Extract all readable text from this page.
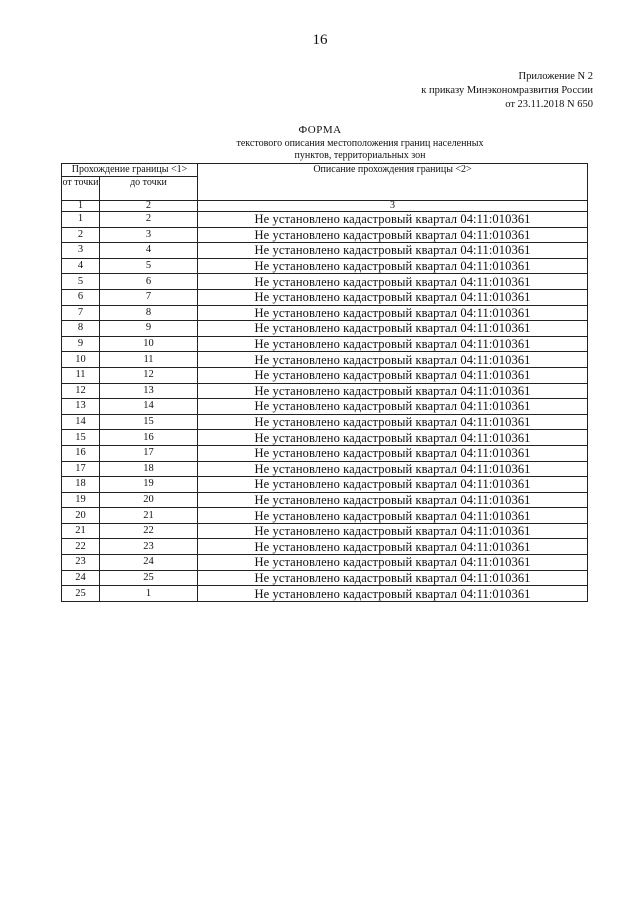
16
Приложение N 2
к приказу Минэкономразвития России
от 23.11.2018 N 650
ФОРМА
текстового описания местоположения границ населенных
пунктов, территориальных зон
Прохождение границы <1>		Описание прохождения границы <2>
от точки	до точки	
1	2	3
1	2	Не установлено кадастровый квартал 04:11:010361
2	3	Не установлено кадастровый квартал 04:11:010361
3	4	Не установлено кадастровый квартал 04:11:010361
4	5	Не установлено кадастровый квартал 04:11:010361
5	6	Не установлено кадастровый квартал 04:11:010361
6	7	Не установлено кадастровый квартал 04:11:010361
7	8	Не установлено кадастровый квартал 04:11:010361
8	9	Не установлено кадастровый квартал 04:11:010361
9	10	Не установлено кадастровый квартал 04:11:010361
10	11	Не установлено кадастровый квартал 04:11:010361
11	12	Не установлено кадастровый квартал 04:11:010361
12	13	Не установлено кадастровый квартал 04:11:010361
13	14	Не установлено кадастровый квартал 04:11:010361
14	15	Не установлено кадастровый квартал 04:11:010361
15	16	Не установлено кадастровый квартал 04:11:010361
16	17	Не установлено кадастровый квартал 04:11:010361
17	18	Не установлено кадастровый квартал 04:11:010361
18	19	Не установлено кадастровый квартал 04:11:010361
19	20	Не установлено кадастровый квартал 04:11:010361
20	21	Не установлено кадастровый квартал 04:11:010361
21	22	Не установлено кадастровый квартал 04:11:010361
22	23	Не установлено кадастровый квартал 04:11:010361
23	24	Не установлено кадастровый квартал 04:11:010361
24	25	Не установлено кадастровый квартал 04:11:010361
25	1	Не установлено кадастровый квартал 04:11:010361
